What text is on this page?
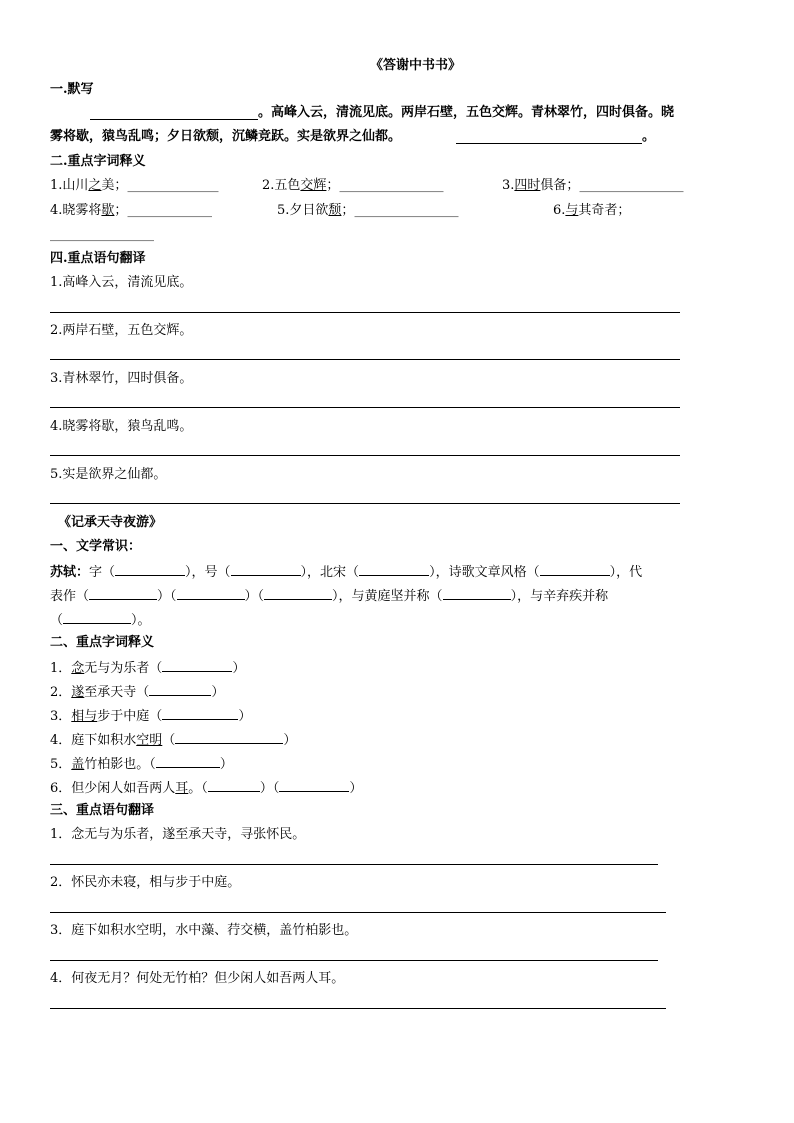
《答谢中书书》
一.默写
。高峰入云，清流见底。两岸石壁，五色交辉。青林翠竹，四时俱备。晓
雾将歇，猿鸟乱鸣；夕日欲颓，沉鳞竞跃。实是欲界之仙都。	。
二.重点字词释义
1.山川之美；______________	2.五色交辉；________________	3.四时俱备；________________
4.晓雾将歇；_____________	5.夕日欲颓；________________	6.与其奇者；
________________
四.重点语句翻译
1.高峰入云，清流见底。
2.两岸石壁，五色交辉。
3.青林翠竹，四时俱备。
4.晓雾将歇，猿鸟乱鸣。
5.实是欲界之仙都。
《记承天寺夜游》
一、文学常识：
苏轼：字（	），号（	），北宋（	），诗歌文章风格（	），代
表作（	）（	）（	），与黄庭坚并称（	），与辛弃疾并称
（	）。
二、重点字词释义
1．念无与为乐者（	）
2．遂至承天寺（	）
3．相与步于中庭（	）
4．庭下如积水空明（	）
5．盖竹柏影也。（	）
6．但少闲人如吾两人耳。（	）（	）
三、重点语句翻译
1．念无与为乐者，遂至承天寺，寻张怀民。
2．怀民亦未寝，相与步于中庭。
3．庭下如积水空明，水中藻、荇交横，盖竹柏影也。
4．何夜无月？何处无竹柏？但少闲人如吾两人耳。
